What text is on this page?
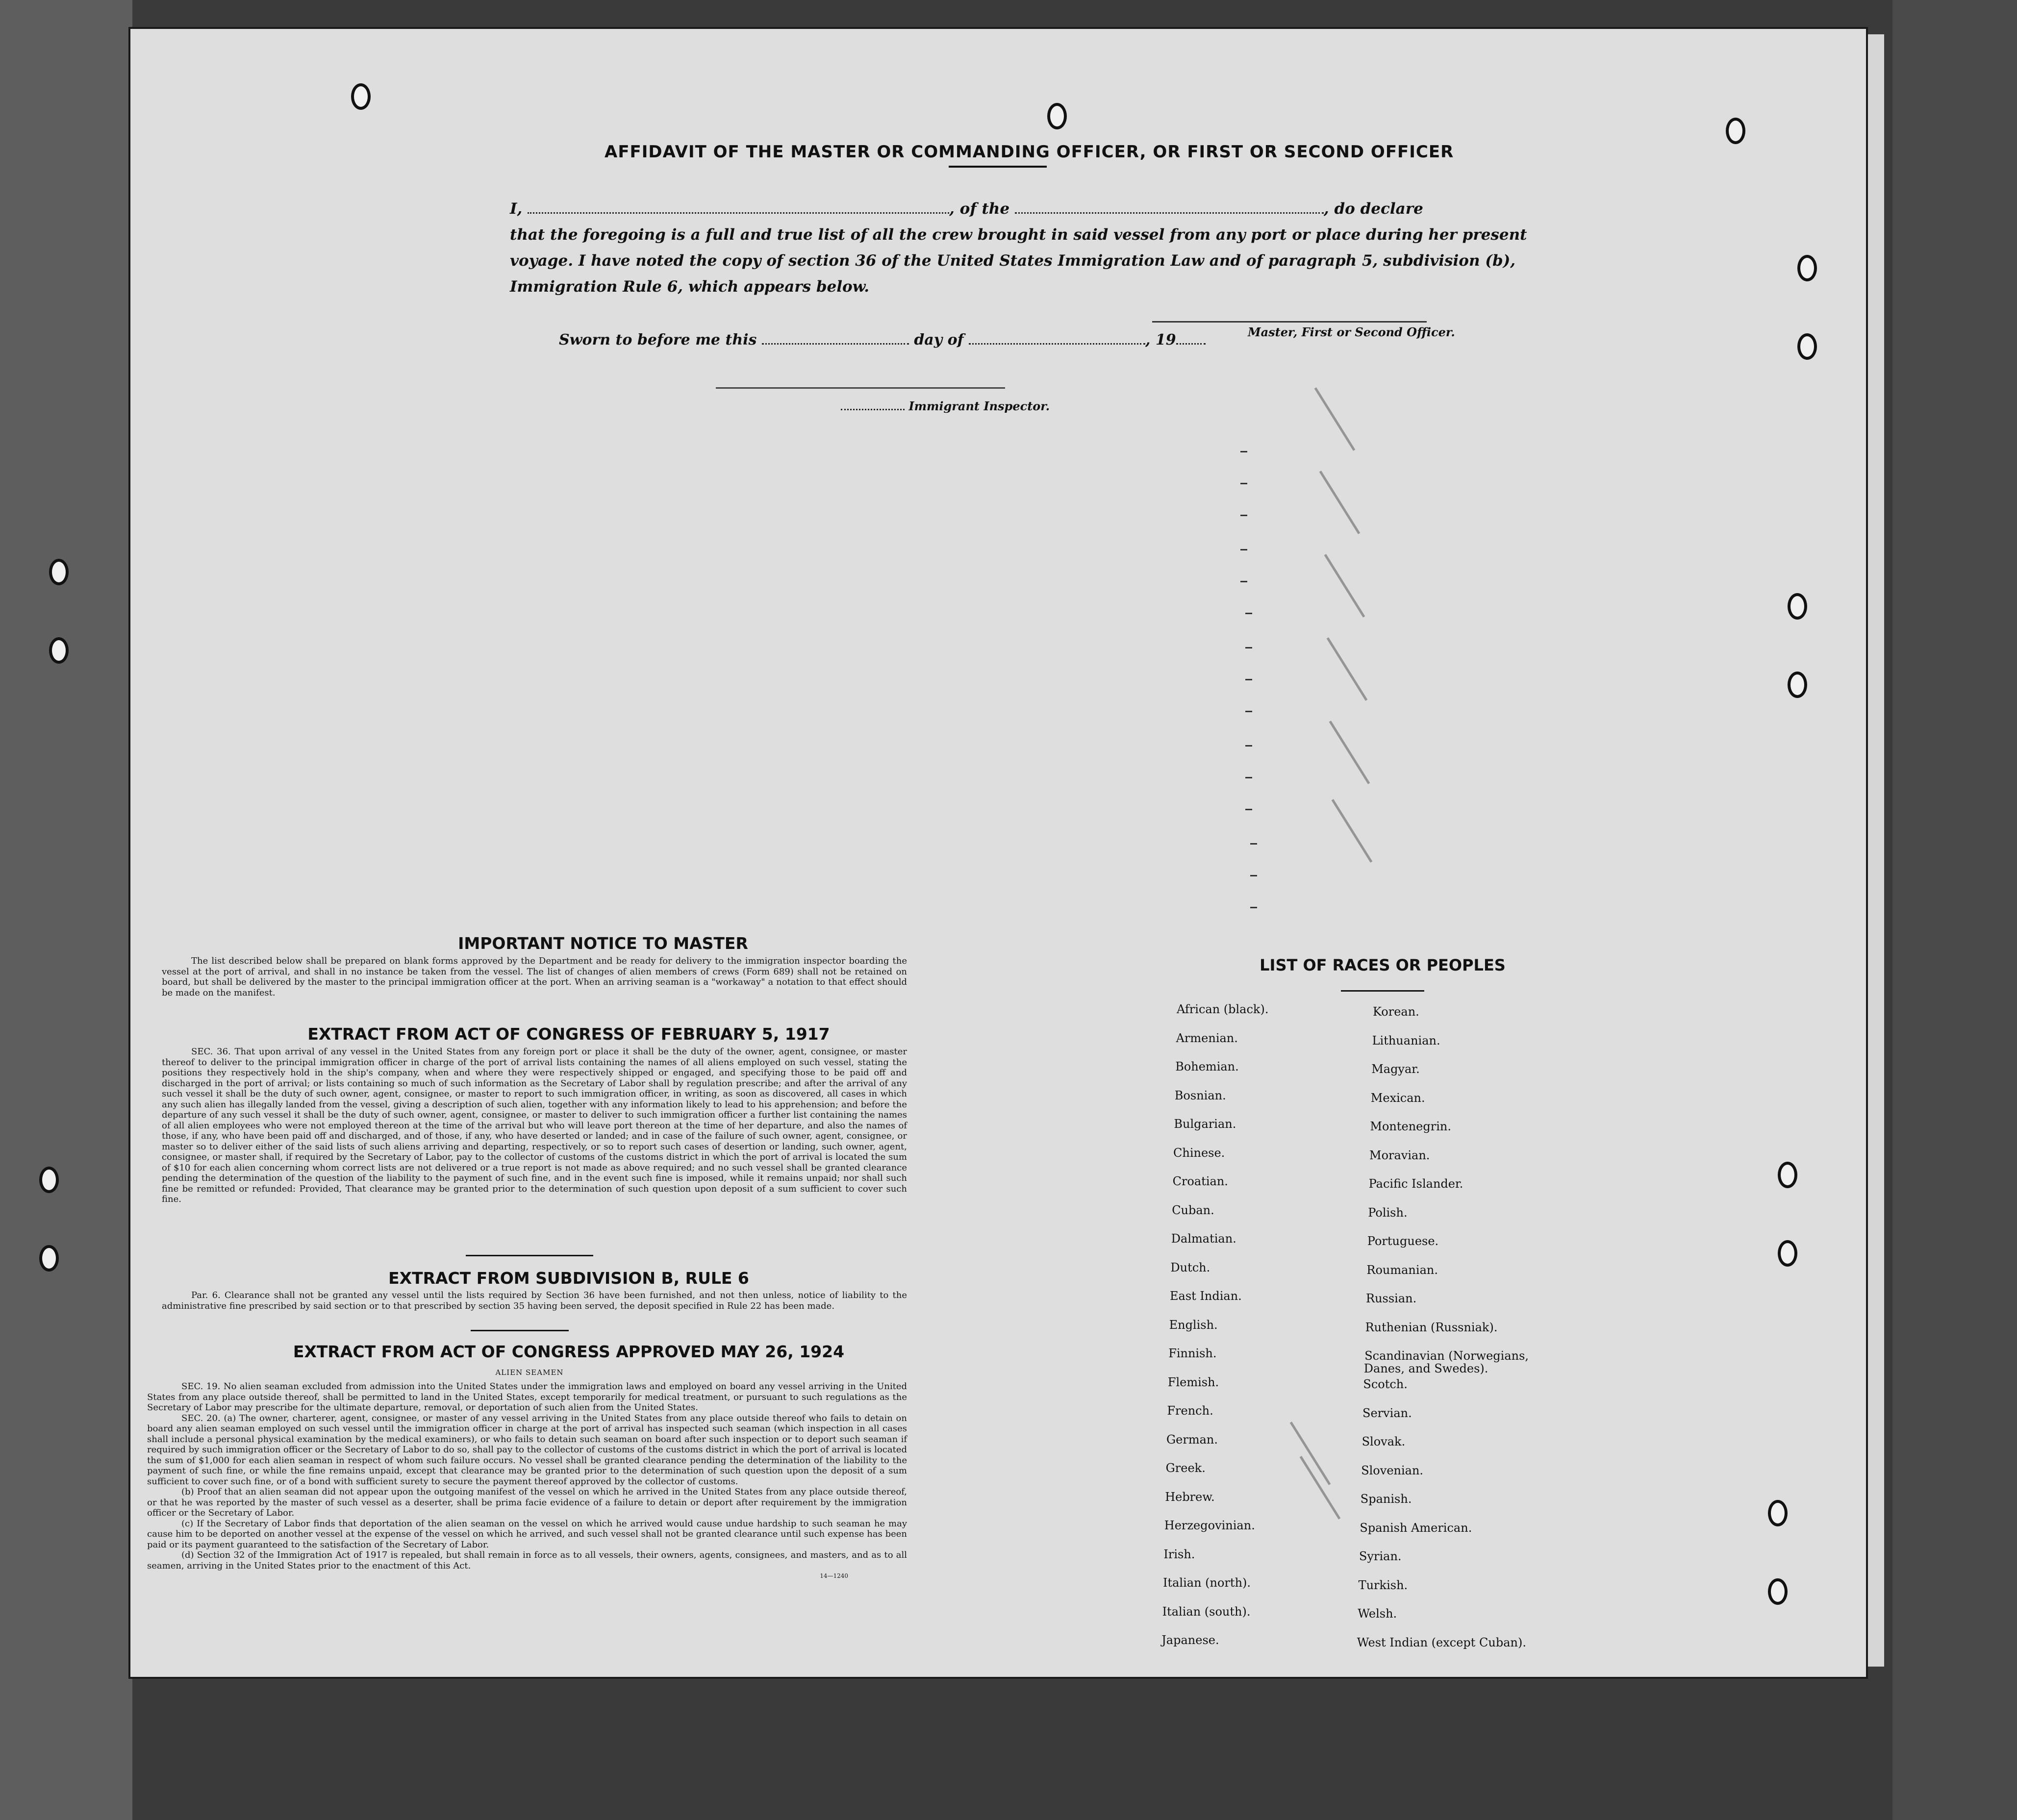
AFFIDAVIT OF THE MASTER OR COMMANDING OFFICER, OR FIRST OR SECOND OFFICER
I,	, of the	, do declare
that the foregoing is a full and true list of all the crew brought in said vessel from any port or place during her present
voyage. I have noted the copy of section 36 of the United States Immigration Law and of paragraph 5, subdivision (b),
Immigration Rule 6, which appears below.
Master, First or Second Officer.
Sworn to before me this	day of	, 19
Immigrant Inspector.
IMPORTANT NOTICE TO MASTER
The list described below shall be prepared on blank forms approved by the Department and be ready for delivery to the immigration inspector boarding the vessel at the port of arrival, and shall in no instance be taken from the vessel. The list of changes of alien members of crews (Form 689) shall not be retained on board, but shall be delivered by the master to the principal immigration officer at the port. When an arriving seaman is a "workaway" a notation to that effect should be made on the manifest.
EXTRACT FROM ACT OF CONGRESS OF FEBRUARY 5, 1917
SEC. 36. That upon arrival of any vessel in the United States from any foreign port or place it shall be the duty of the owner, agent, consignee, or master thereof to deliver to the principal immigration officer in charge of the port of arrival lists containing the names of all aliens employed on such vessel, stating the positions they respectively hold in the ship's company, when and where they were respectively shipped or engaged, and specifying those to be paid off and discharged in the port of arrival; or lists containing so much of such information as the Secretary of Labor shall by regulation prescribe; and after the arrival of any such vessel it shall be the duty of such owner, agent, consignee, or master to report to such immigration officer, in writing, as soon as discovered, all cases in which any such alien has illegally landed from the vessel, giving a description of such alien, together with any information likely to lead to his apprehension; and before the departure of any such vessel it shall be the duty of such owner, agent, consignee, or master to deliver to such immigration officer a further list containing the names of all alien employees who were not employed thereon at the time of the arrival but who will leave port thereon at the time of her departure, and also the names of those, if any, who have been paid off and discharged, and of those, if any, who have deserted or landed; and in case of the failure of such owner, agent, consignee, or master so to deliver either of the said lists of such aliens arriving and departing, respectively, or so to report such cases of desertion or landing, such owner, agent, consignee, or master shall, if required by the Secretary of Labor, pay to the collector of customs of the customs district in which the port of arrival is located the sum of $10 for each alien concerning whom correct lists are not delivered or a true report is not made as above required; and no such vessel shall be granted clearance pending the determination of the question of the liability to the payment of such fine, and in the event such fine is imposed, while it remains unpaid; nor shall such fine be remitted or refunded: Provided, That clearance may be granted prior to the determination of such question upon deposit of a sum sufficient to cover such fine.
EXTRACT FROM SUBDIVISION B, RULE 6
Par. 6. Clearance shall not be granted any vessel until the lists required by Section 36 have been furnished, and not then unless, notice of liability to the administrative fine prescribed by said section or to that prescribed by section 35 having been served, the deposit specified in Rule 22 has been made.
EXTRACT FROM ACT OF CONGRESS APPROVED MAY 26, 1924
ALIEN SEAMEN

SEC. 19. No alien seaman excluded from admission into the United States under the immigration laws and employed on board any vessel arriving in the United States from any place outside thereof, shall be permitted to land in the United States, except temporarily for medical treatment, or pursuant to such regulations as the Secretary of Labor may prescribe for the ultimate departure, removal, or deportation of such alien from the United States.

SEC. 20. (a) The owner, charterer, agent, consignee, or master of any vessel arriving in the United States from any place outside thereof who fails to detain on board any alien seaman employed on such vessel until the immigration officer in charge at the port of arrival has inspected such seaman (which inspection in all cases shall include a personal physical examination by the medical examiners), or who fails to detain such seaman on board after such inspection or to deport such seaman if required by such immigration officer or the Secretary of Labor to do so, shall pay to the collector of customs of the customs district in which the port of arrival is located the sum of $1,000 for each alien seaman in respect of whom such failure occurs. No vessel shall be granted clearance pending the determination of the liability to the payment of such fine, or while the fine remains unpaid, except that clearance may be granted prior to the determination of such question upon the deposit of a sum sufficient to cover such fine, or of a bond with sufficient surety to secure the payment thereof approved by the collector of customs.

(b) Proof that an alien seaman did not appear upon the outgoing manifest of the vessel on which he arrived in the United States from any place outside thereof, or that he was reported by the master of such vessel as a deserter, shall be prima facie evidence of a failure to detain or deport after requirement by the immigration officer or the Secretary of Labor.

(c) If the Secretary of Labor finds that deportation of the alien seaman on the vessel on which he arrived would cause undue hardship to such seaman he may cause him to be deported on another vessel at the expense of the vessel on which he arrived, and such vessel shall not be granted clearance until such expense has been paid or its payment guaranteed to the satisfaction of the Secretary of Labor.

(d) Section 32 of the Immigration Act of 1917 is repealed, but shall remain in force as to all vessels, their owners, agents, consignees, and masters, and as to all seamen, arriving in the United States prior to the enactment of this Act.

14—1240

LIST OF RACES OR PEOPLES
African (black).
Armenian.
Bohemian.
Bosnian.
Bulgarian.
Chinese.
Croatian.
Cuban.
Dalmatian.
Dutch.
East Indian.
English.
Finnish.
Flemish.
French.
German.
Greek.
Hebrew.
Herzegovinian.
Irish.
Italian (north).
Italian (south).
Japanese.
Korean.
Lithuanian.
Magyar.
Mexican.
Montenegrin.
Moravian.
Pacific Islander.
Polish.
Portuguese.
Roumanian.
Russian.
Ruthenian (Russniak).
Scandinavian (Norwegians,
Danes, and Swedes).
Scotch.
Servian.
Slovak.
Slovenian.
Spanish.
Spanish American.
Syrian.
Turkish.
Welsh.
West Indian (except Cuban).
